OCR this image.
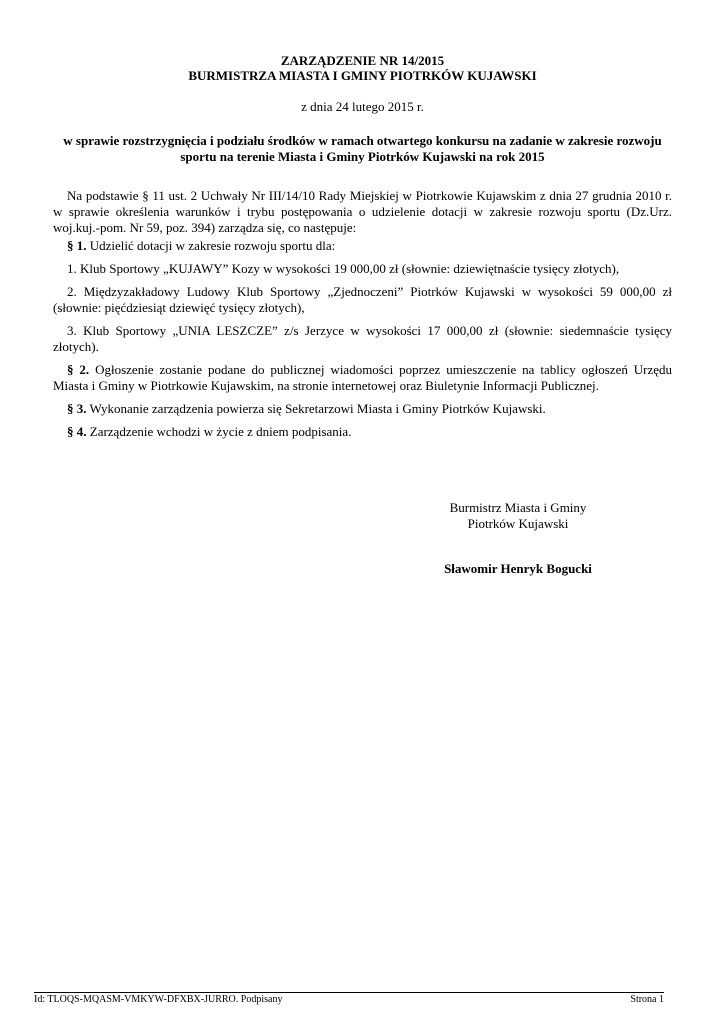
ZARZĄDZENIE NR 14/2015
BURMISTRZA MIASTA I GMINY PIOTRKÓW KUJAWSKI
z dnia 24 lutego 2015 r.
w sprawie rozstrzygnięcia i podziału środków w ramach otwartego konkursu na zadanie w zakresie rozwoju
sportu na terenie Miasta i Gminy Piotrków Kujawski na rok 2015

Na podstawie § 11 ust. 2 Uchwały Nr III/14/10 Rady Miejskiej w Piotrkowie Kujawskim z dnia 27 grudnia 2010 r. w sprawie określenia warunków i trybu postępowania o udzielenie dotacji w zakresie rozwoju sportu (Dz.Urz. woj.kuj.-pom. Nr 59, poz. 394) zarządza się, co następuje:

§ 1. Udzielić dotacji w zakresie rozwoju sportu dla:

1. Klub Sportowy „KUJAWY” Kozy w wysokości 19 000,00 zł (słownie: dziewiętnaście tysięcy złotych),

2. Międzyzakładowy Ludowy Klub Sportowy „Zjednoczeni” Piotrków Kujawski w wysokości 59 000,00 zł (słownie: pięćdziesiąt dziewięć tysięcy złotych),

3. Klub Sportowy „UNIA LESZCZE” z/s Jerzyce w wysokości 17 000,00 zł (słownie: siedemnaście tysięcy złotych).

§ 2. Ogłoszenie zostanie podane do publicznej wiadomości poprzez umieszczenie na tablicy ogłoszeń Urzędu Miasta i Gminy w Piotrkowie Kujawskim, na stronie internetowej oraz Biuletynie Informacji Publicznej.

§ 3. Wykonanie zarządzenia powierza się Sekretarzowi Miasta i Gminy Piotrków Kujawski.

§ 4. Zarządzenie wchodzi w życie z dniem podpisania.

Burmistrz Miasta i Gminy
Piotrków Kujawski
Sławomir Henryk Bogucki
Id: TLOQS-MQASM-VMKYW-DFXBX-JURRO. Podpisany	Strona 1
